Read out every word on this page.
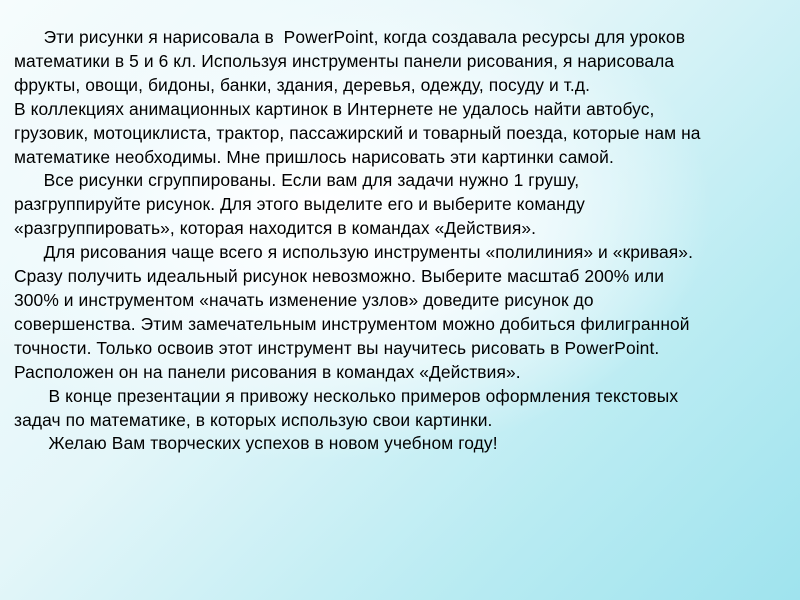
Эти рисунки я нарисовала в  PowerPoint, когда создавала ресурсы для уроков
математики в 5 и 6 кл. Используя инструменты панели рисования, я нарисовала
фрукты, овощи, бидоны, банки, здания, деревья, одежду, посуду и т.д.
В коллекциях анимационных картинок в Интернете не удалось найти автобус,
грузовик, мотоциклиста, трактор, пассажирский и товарный поезда, которые нам на
математике необходимы. Мне пришлось нарисовать эти картинки самой.
Все рисунки сгруппированы. Если вам для задачи нужно 1 грушу,
разгруппируйте рисунок. Для этого выделите его и выберите команду
«разгруппировать», которая находится в командах «Действия».
Для рисования чаще всего я использую инструменты «полилиния» и «кривая».
Сразу получить идеальный рисунок невозможно. Выберите масштаб 200% или
300% и инструментом «начать изменение узлов» доведите рисунок до
совершенства. Этим замечательным инструментом можно добиться филигранной
точности. Только освоив этот инструмент вы научитесь рисовать в PowerPoint.
Расположен он на панели рисования в командах «Действия».
В конце презентации я привожу несколько примеров оформления текстовых
задач по математике, в которых использую свои картинки.
Желаю Вам творческих успехов в новом учебном году!
